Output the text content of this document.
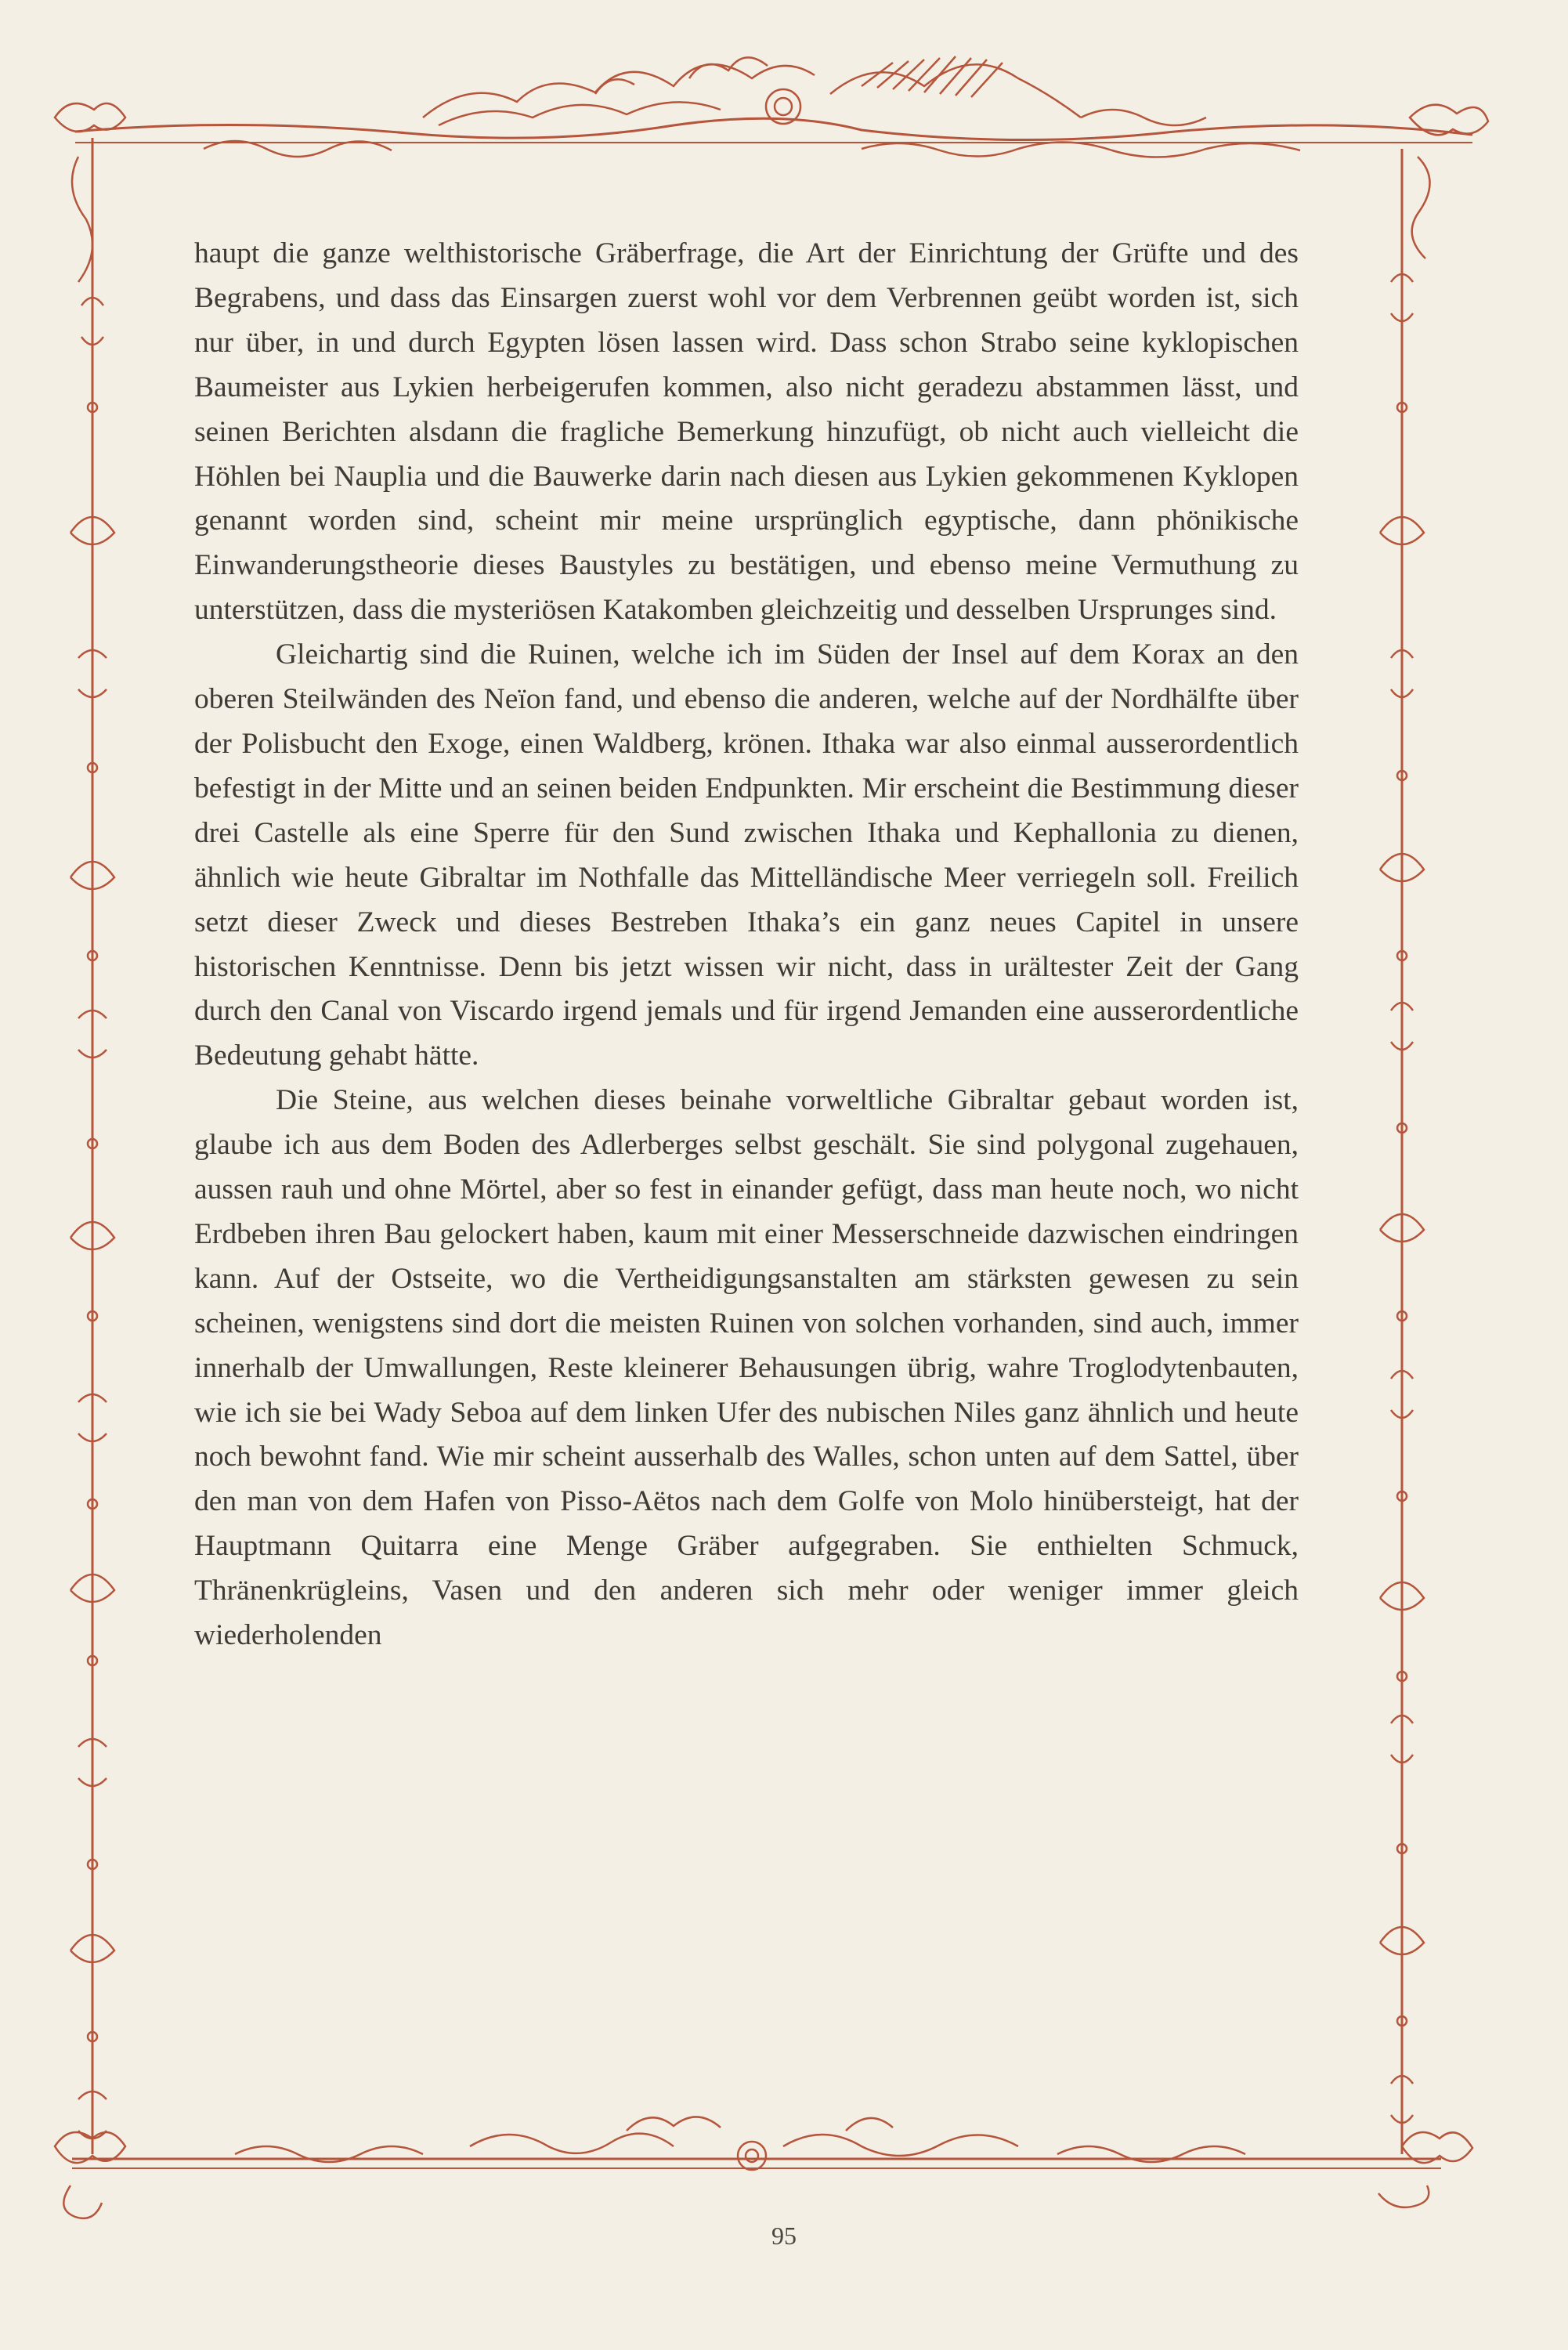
haupt die ganze welthistorische Gräberfrage, die Art der Einrichtung der Grüfte und des Begrabens, und dass das Einsargen zuerst wohl vor dem Verbrennen geübt worden ist, sich nur über, in und durch Egypten lösen lassen wird. Dass schon Strabo seine kyklopischen Baumeister aus Lykien herbeigerufen kommen, also nicht geradezu abstammen lässt, und seinen Berichten alsdann die fragliche Bemerkung hinzufügt, ob nicht auch vielleicht die Höhlen bei Nauplia und die Bauwerke darin nach diesen aus Lykien gekommenen Kyklopen genannt worden sind, scheint mir meine ursprünglich egyptische, dann phönikische Einwanderungstheorie dieses Baustyles zu bestätigen, und ebenso meine Vermuthung zu unterstützen, dass die mysteriösen Katakomben gleichzeitig und desselben Ursprunges sind.

Gleichartig sind die Ruinen, welche ich im Süden der Insel auf dem Korax an den oberen Steilwänden des Neïon fand, und ebenso die anderen, welche auf der Nordhälfte über der Polisbucht den Exoge, einen Waldberg, krönen. Ithaka war also einmal ausserordentlich befestigt in der Mitte und an seinen beiden Endpunkten. Mir erscheint die Bestimmung dieser drei Castelle als eine Sperre für den Sund zwischen Ithaka und Kephallonia zu dienen, ähnlich wie heute Gibraltar im Nothfalle das Mittelländische Meer verriegeln soll. Freilich setzt dieser Zweck und dieses Bestreben Ithaka’s ein ganz neues Capitel in unsere historischen Kenntnisse. Denn bis jetzt wissen wir nicht, dass in urältester Zeit der Gang durch den Canal von Viscardo irgend jemals und für irgend Jemanden eine ausserordentliche Bedeutung gehabt hätte.

Die Steine, aus welchen dieses beinahe vorweltliche Gibraltar gebaut worden ist, glaube ich aus dem Boden des Adlerberges selbst geschält. Sie sind polygonal zugehauen, aussen rauh und ohne Mörtel, aber so fest in einander gefügt, dass man heute noch, wo nicht Erdbeben ihren Bau gelockert haben, kaum mit einer Messerschneide dazwischen eindringen kann. Auf der Ostseite, wo die Vertheidigungsanstalten am stärksten gewesen zu sein scheinen, wenigstens sind dort die meisten Ruinen von solchen vorhanden, sind auch, immer innerhalb der Umwallungen, Reste kleinerer Behausungen übrig, wahre Troglodytenbauten, wie ich sie bei Wady Seboa auf dem linken Ufer des nubischen Niles ganz ähnlich und heute noch bewohnt fand. Wie mir scheint ausserhalb des Walles, schon unten auf dem Sattel, über den man von dem Hafen von Pisso-Aëtos nach dem Golfe von Molo hinübersteigt, hat der Hauptmann Quitarra eine Menge Gräber aufgegraben. Sie enthielten Schmuck, Thränenkrügleins, Vasen und den anderen sich mehr oder weniger immer gleich wiederholenden

95
